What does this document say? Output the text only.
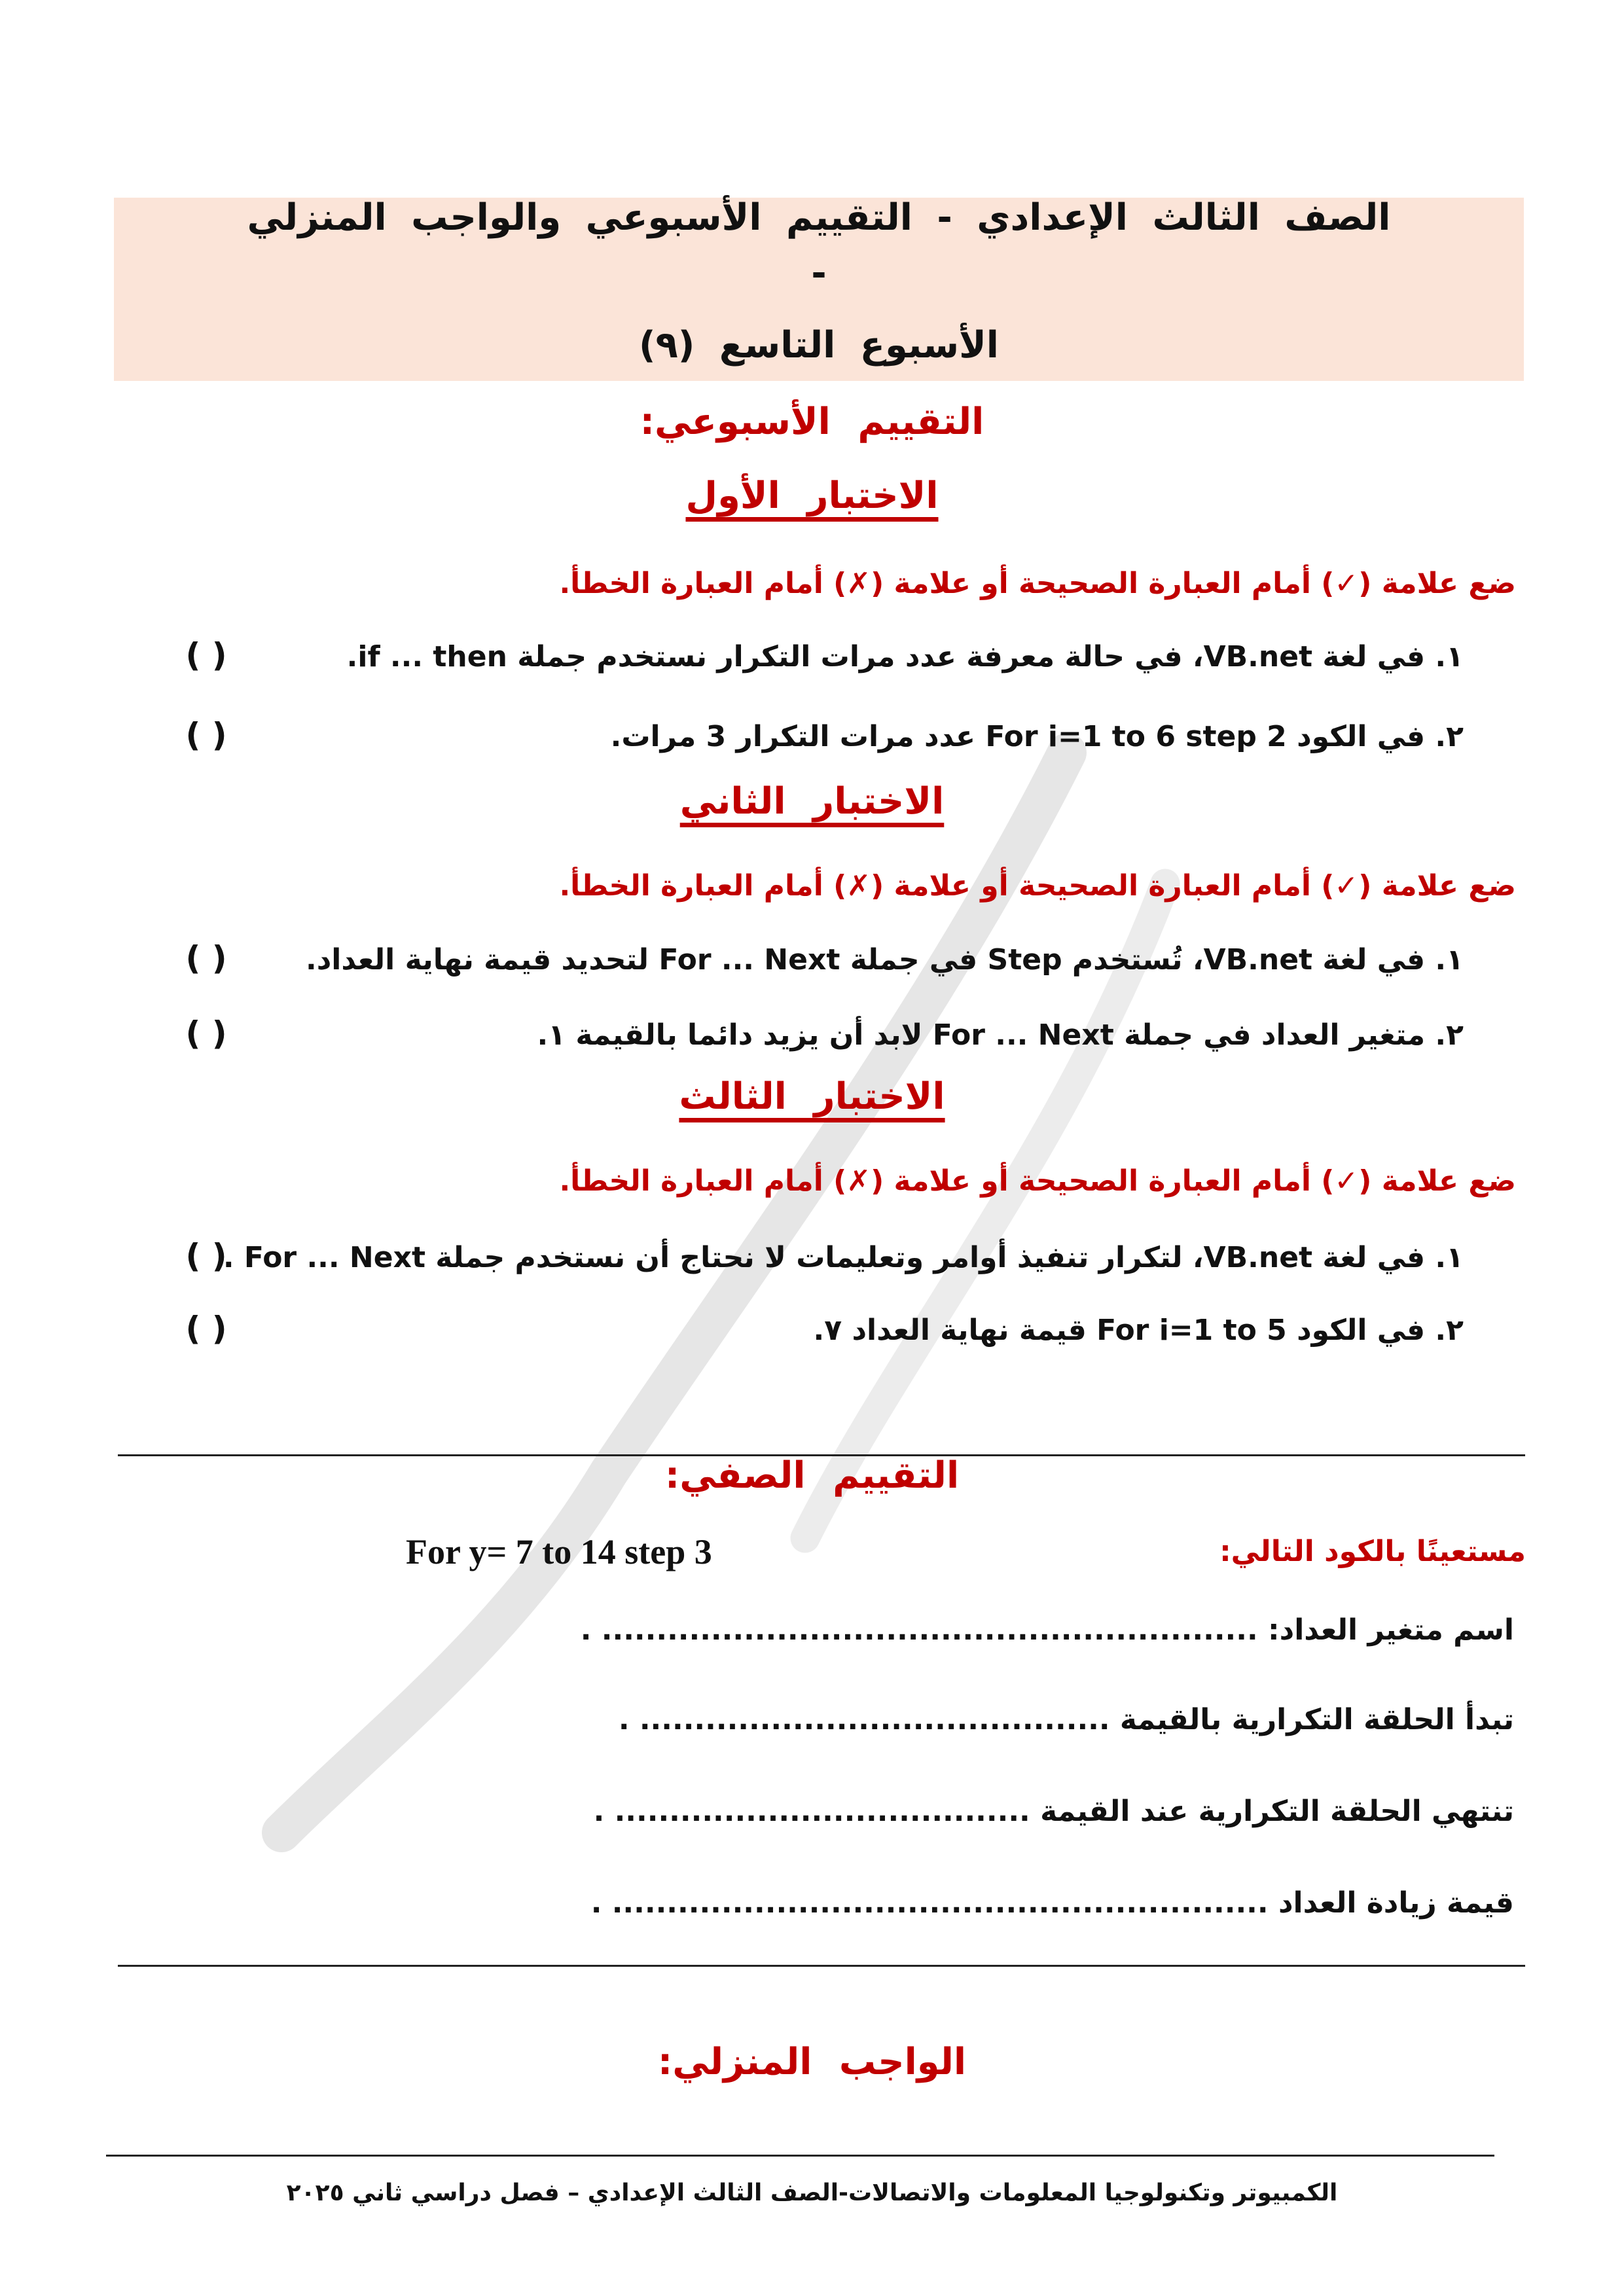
الصف الثالث الإعدادي - التقييم الأسبوعي والواجب المنزلي
-
الأسبوع التاسع (٩)
التقييم الأسبوعي:
الاختبار الأول
ضع علامة (✓) أمام العبارة الصحيحة أو علامة (✗) أمام العبارة الخطأ.
١. في لغة VB.net، في حالة معرفة عدد مرات التكرار نستخدم جملة if ... then.
( )
٢. في الكود For i=1 to 6 step 2 عدد مرات التكرار 3 مرات.
( )
الاختبار الثاني
ضع علامة (✓) أمام العبارة الصحيحة أو علامة (✗) أمام العبارة الخطأ.
١. في لغة VB.net، تُستخدم Step في جملة For ... Next لتحديد قيمة نهاية العداد.
( )
٢. متغير العداد في جملة For ... Next لابد أن يزيد دائما بالقيمة ١.
( )
الاختبار الثالث
ضع علامة (✓) أمام العبارة الصحيحة أو علامة (✗) أمام العبارة الخطأ.
١. في لغة VB.net، لتكرار تنفيذ أوامر وتعليمات لا نحتاج أن نستخدم جملة For ... Next .
( )
٢. في الكود For i=1 to 5 قيمة نهاية العداد ٧.
( )
التقييم الصفي:
مستعينًا بالكود التالي:
For y= 7 to 14 step 3
اسم متغير العداد: ............................................................ .
تبدأ الحلقة التكرارية بالقيمة ........................................... .
تنتهي الحلقة التكرارية عند القيمة ...................................... .
قيمة زيادة العداد ............................................................ .
الواجب المنزلي:
الكمبيوتر وتكنولوجيا المعلومات والاتصالات-الصف الثالث الإعدادي – فصل دراسي ثاني ٢٠٢٥
